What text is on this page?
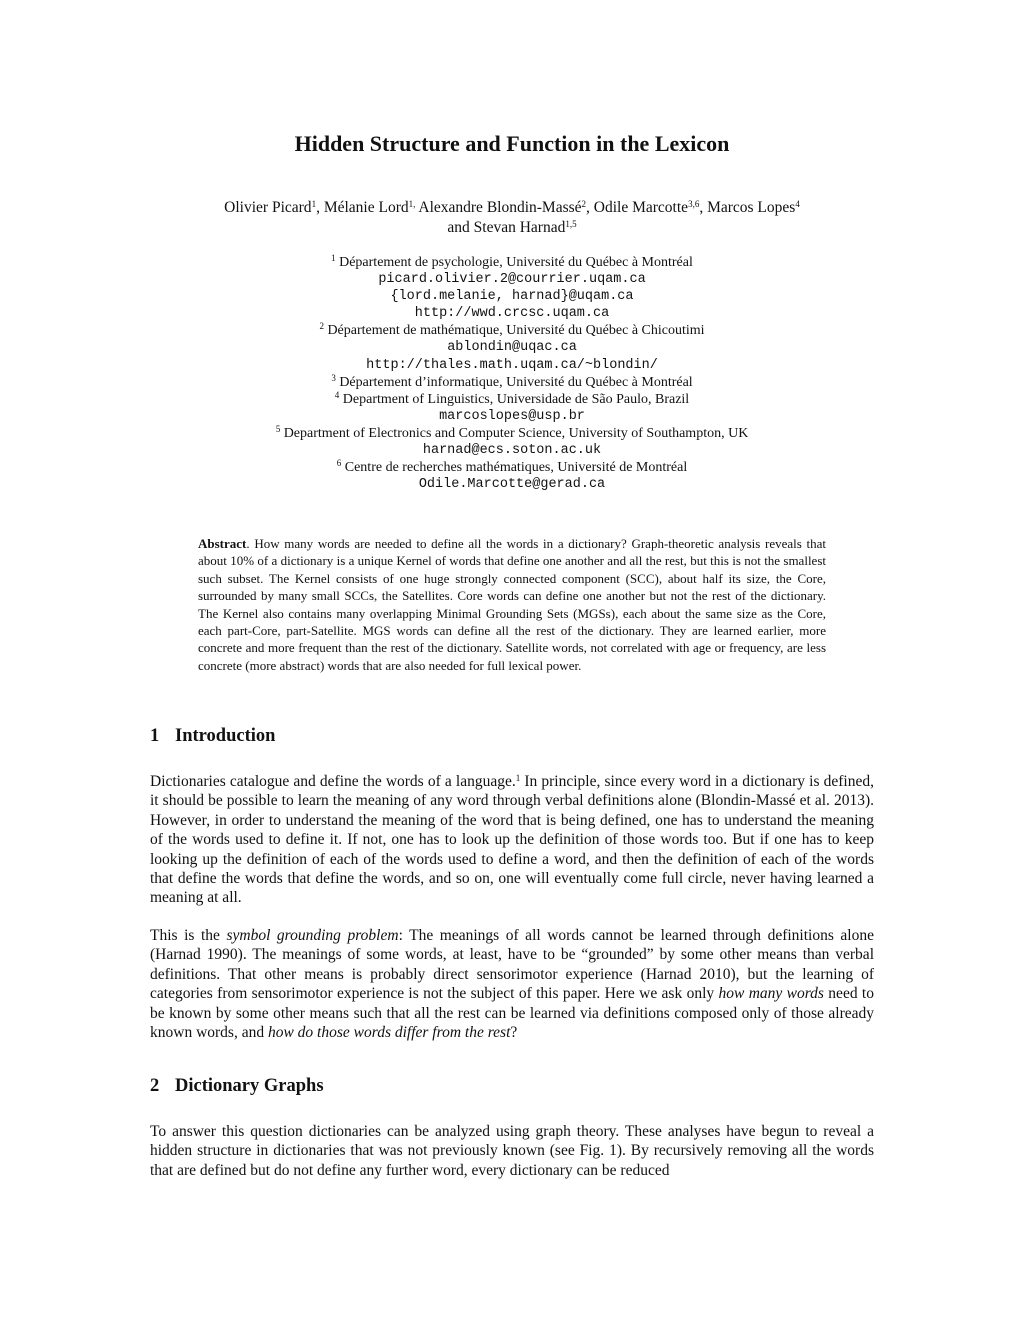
Hidden Structure and Function in the Lexicon
Olivier Picard$^1$, Mélanie Lord$^{1,}$ Alexandre Blondin-Massé$^2$, Odile Marcotte$^{3,6}$, Marcos Lopes$^4$
and Stevan Harnad$^{1,5}$
$^1$ Département de psychologie, Université du Québec à Montréal
picard.olivier.2@courrier.uqam.ca
{lord.melanie, harnad}@uqam.ca
http://wwd.crcsc.uqam.ca
$^2$ Département de mathématique, Université du Québec à Chicoutimi
ablondin@uqac.ca
http://thales.math.uqam.ca/~blondin/
$^3$ Département d’informatique, Université du Québec à Montréal
$^4$ Department of Linguistics, Universidade de São Paulo, Brazil
marcoslopes@usp.br
$^5$ Department of Electronics and Computer Science, University of Southampton, UK
harnad@ecs.soton.ac.uk
$^6$ Centre de recherches mathématiques, Université de Montréal
Odile.Marcotte@gerad.ca
Abstract. How many words are needed to define all the words in a dictionary? Graph-theoretic analysis reveals that about 10% of a dictionary is a unique Kernel of words that define one another and all the rest, but this is not the smallest such subset. The Kernel consists of one huge strongly connected component (SCC), about half its size, the Core, surrounded by many small SCCs, the Satellites. Core words can define one another but not the rest of the dictionary. The Kernel also contains many overlapping Minimal Grounding Sets (MGSs), each about the same size as the Core, each part-Core, part-Satellite. MGS words can define all the rest of the dictionary. They are learned earlier, more concrete and more frequent than the rest of the dictionary. Satellite words, not correlated with age or frequency, are less concrete (more abstract) words that are also needed for full lexical power.
1 Introduction
Dictionaries catalogue and define the words of a language.$^1$ In principle, since every word in a dictionary is defined, it should be possible to learn the meaning of any word through verbal definitions alone (Blondin-Massé et al. 2013). However, in order to understand the meaning of the word that is being defined, one has to understand the meaning of the words used to define it. If not, one has to look up the definition of those words too. But if one has to keep looking up the definition of each of the words used to define a word, and then the definition of each of the words that define the words that define the words, and so on, one will eventually come full circle, never having learned a meaning at all.
This is the symbol grounding problem: The meanings of all words cannot be learned through definitions alone (Harnad 1990). The meanings of some words, at least, have to be “grounded” by some other means than verbal definitions. That other means is probably direct sensorimotor experience (Harnad 2010), but the learning of categories from sensorimotor experience is not the subject of this paper. Here we ask only how many words need to be known by some other means such that all the rest can be learned via definitions composed only of those already known words, and how do those words differ from the rest?
2 Dictionary Graphs
To answer this question dictionaries can be analyzed using graph theory. These analyses have begun to reveal a hidden structure in dictionaries that was not previously known (see Fig. 1). By recursively removing all the words that are defined but do not define any further word, every dictionary can be reduced
